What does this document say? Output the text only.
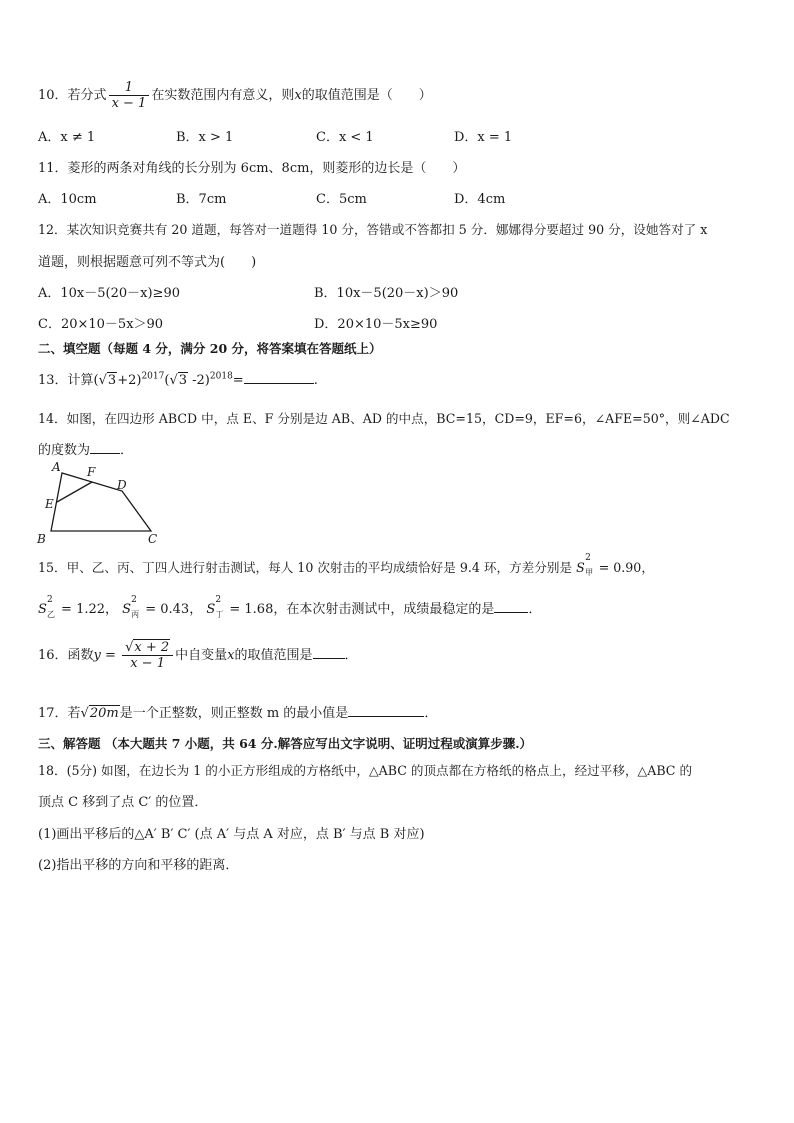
10．若分式 $\frac{1}{x - 1}$ 在实数范围内有意义，则x的取值范围是（　　）
A．x ≠ 1	B．x > 1	C．x < 1	D．x = 1
11．菱形的两条对角线的长分别为 6cm、8cm，则菱形的边长是（　　）
A．10cm	B．7cm	C．5cm	D．4cm
12．某次知识竞赛共有 20 道题，每答对一道题得 10 分，答错或不答都扣 5 分．娜娜得分要超过 90 分，设她答对了 x
道题，则根据题意可列不等式为(　　)
A．10x－5(20－x)≥90	B．10x－5(20－x)＞90
C．20×10－5x＞90	D．20×10－5x≥90
二、填空题（每题 4 分，满分 20 分，将答案填在答题纸上）
13．计算$(√3+2)^{2017}(√3$ -2)$^{2018}$=	.
14．如图，在四边形 ABCD 中，点 E、F 分别是边 AB、AD 的中点，BC=15，CD=9，EF=6，∠AFE=50°，则∠ADC
的度数为 ．
A F
D
E
B	C
15．甲、乙、丙、丁四人进行射击测试，每人 10 次射击的平均成绩恰好是 9.4 环，方差分别是 S
2
甲 = 0.90，
S
2
乙 = 1.22， S
2
丙 = 0.43， S
2
丁 = 1.68，在本次射击测试中，成绩最稳定的是	．
16．函数$y = \frac{√x + 2}{x - 1}$ 中自变量x的取值范围是 ．
17．若√20m是一个正整数，则正整数 m 的最小值是	．
三、解答题 （本大题共 7 小题，共 64 分.解答应写出文字说明、证明过程或演算步骤.）
18．(5分) 如图，在边长为 1 的小正方形组成的方格纸中，△ABC 的顶点都在方格纸的格点上，经过平移，△ABC 的
顶点 C 移到了点 C′ 的位置．
(1)画出平移后的△A′ B′ C′ (点 A′ 与点 A 对应，点 B′ 与点 B 对应)
(2)指出平移的方向和平移的距离．
